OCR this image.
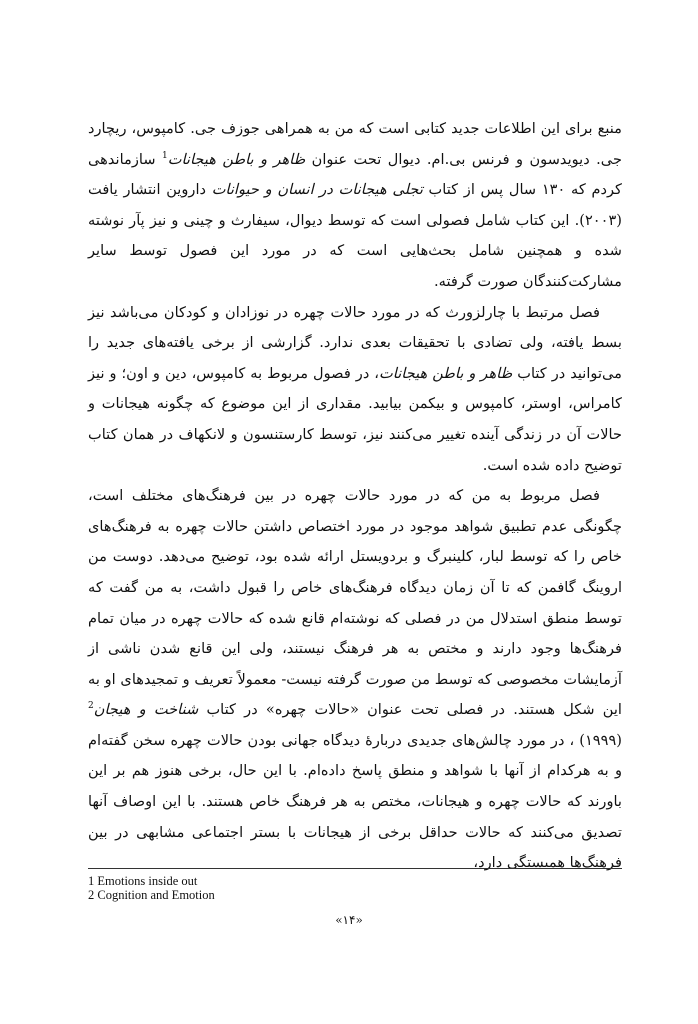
منبع برای این اطلاعات جدید کتابی است که من به همراهی جوزف جی. کامپوس، ریچارد جی. دیویدسون و فرنس بی.ام. دیوال تحت عنوان ظاهر و باطن هیجانات$^1$ سازماندهی کردم که ۱۳۰ سال پس از کتاب تجلی هیجانات در انسان و حیوانات داروین انتشار یافت (۲۰۰۳). این کتاب شامل فصولی است که توسط دیوال، سیفارث و چینی و نیز پآر نوشته شده و همچنین شامل بحث‌هایی است که در مورد این فصول توسط سایر مشارکت‌کنندگان صورت گرفته.

فصل مرتبط با چارلزورث که در مورد حالات چهره در نوزادان و کودکان می‌باشد نیز بسط یافته، ولی تضادی با تحقیقات بعدی ندارد. گزارشی از برخی یافته‌های جدید را می‌توانید در کتاب ظاهر و باطن هیجانات، در فصول مربوط به کامپوس، دین و اون؛ و نیز کامراس، اوستر، کامپوس و بیکمن بیابید. مقداری از این موضوع که چگونه هیجانات و حالات آن در زندگی آینده تغییر می‌کنند نیز، توسط کارستنسون و لانکهاف در همان کتاب توضیح داده شده است.

فصل مربوط به من که در مورد حالات چهره در بین فرهنگ‌های مختلف است، چگونگی عدم تطبیق شواهد موجود در مورد اختصاص داشتن حالات چهره به فرهنگ‌های خاص را که توسط لبار، کلینبرگ و بردویستل ارائه شده بود، توضیح می‌دهد. دوست من اروینگ گافمن که تا آن زمان دیدگاه فرهنگ‌های خاص را قبول داشت، به من گفت که توسط منطق استدلال من در فصلی که نوشته‌ام قانع شده که حالات چهره در میان تمام فرهنگ‌ها وجود دارند و مختص به هر فرهنگ نیستند، ولی این قانع شدن ناشی از آزمایشات مخصوصی که توسط من صورت گرفته نیست- معمولاً تعریف و تمجیدهای او به این شکل هستند. در فصلی تحت عنوان «حالات چهره» در کتاب شناخت و هیجان$^2$ (۱۹۹۹) ، در مورد چالش‌های جدیدی دربارهٔ دیدگاه جهانی بودن حالات چهره سخن گفته‌ام و به هرکدام از آنها با شواهد و منطق پاسخ داده‌ام. با این حال، برخی هنوز هم بر این باورند که حالات چهره و هیجانات، مختص به هر فرهنگ خاص هستند. با این اوصاف آنها تصدیق می‌کنند که حالات حداقل برخی از هیجانات با بستر اجتماعی مشابهی در بین فرهنگ‌ها همبستگی دارد،

1 Emotions inside out

2 Cognition and Emotion

«۱۴»
